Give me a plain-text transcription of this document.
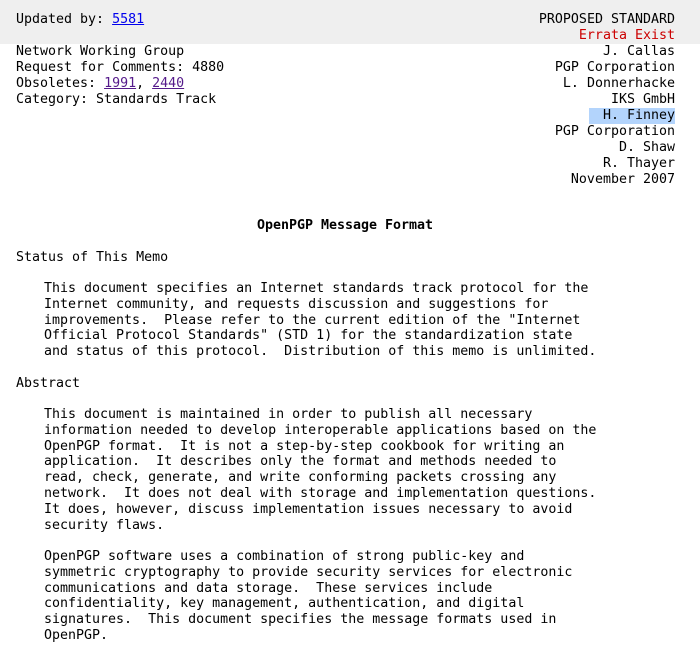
Updated by: 5581	PROPOSED STANDARD
Errata Exist
Network Working Group
Request for Comments: 4880
Obsoletes: 1991, 2440
Category: Standards Track
J. Callas
PGP Corporation
L. Donnerhacke
IKS GmbH
H. Finney
PGP Corporation
D. Shaw
R. Thayer
November 2007
OpenPGP Message Format
Status of This Memo
This document specifies an Internet standards track protocol for the
Internet community, and requests discussion and suggestions for
improvements.  Please refer to the current edition of the "Internet
Official Protocol Standards" (STD 1) for the standardization state
and status of this protocol.  Distribution of this memo is unlimited.
Abstract
This document is maintained in order to publish all necessary
information needed to develop interoperable applications based on the
OpenPGP format.  It is not a step-by-step cookbook for writing an
application.  It describes only the format and methods needed to
read, check, generate, and write conforming packets crossing any
network.  It does not deal with storage and implementation questions.
It does, however, discuss implementation issues necessary to avoid
security flaws.
OpenPGP software uses a combination of strong public-key and
symmetric cryptography to provide security services for electronic
communications and data storage.  These services include
confidentiality, key management, authentication, and digital
signatures.  This document specifies the message formats used in
OpenPGP.
